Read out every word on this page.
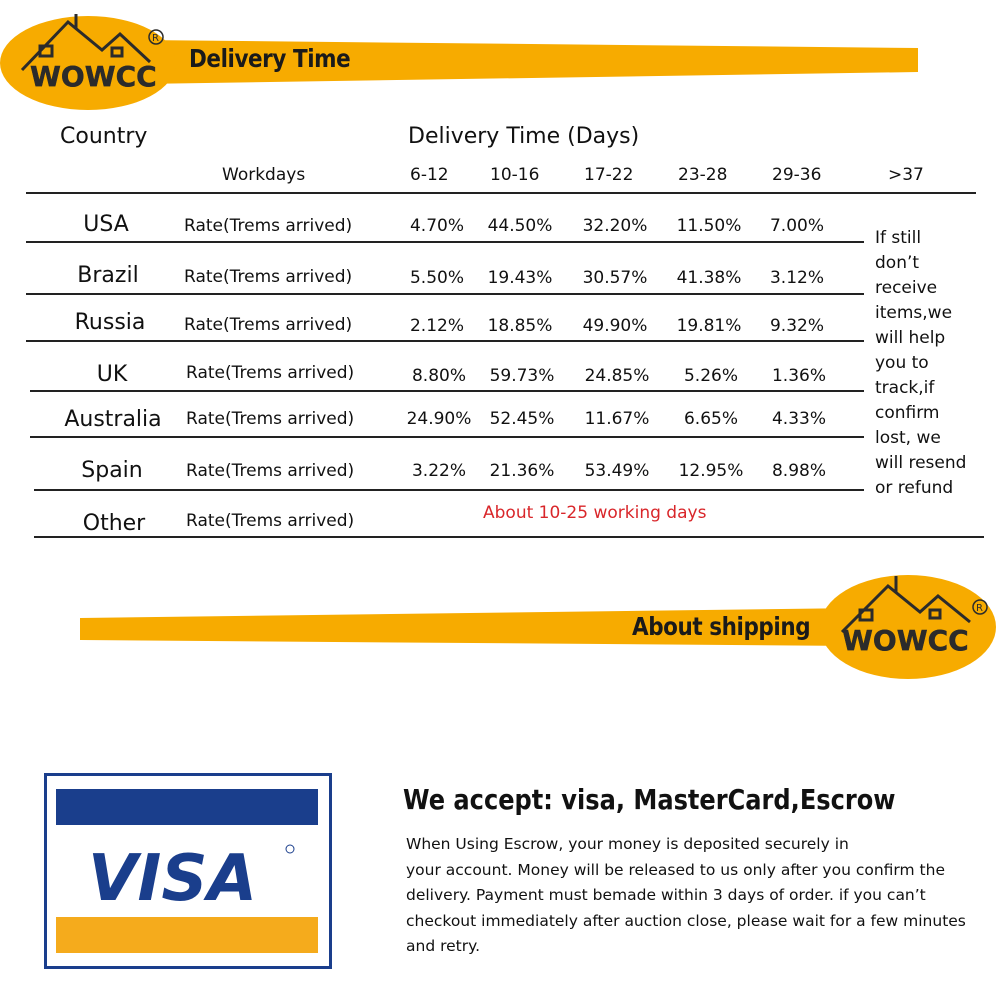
WOWCC
R
Delivery Time
Country	Delivery Time (Days)
Workdays	6-12 10-16	17-22	23-28	29-36	>37
USA	Rate(Trems arrived)	4.70%	44.50%	32.20%	11.50%	7.00%
Brazil	Rate(Trems arrived)	5.50%	19.43%	30.57%	41.38%	3.12%
Russia	Rate(Trems arrived)	2.12%	18.85%	49.90%	19.81%	9.32%
UK	Rate(Trems arrived)	8.80%	59.73%	24.85%	5.26%	1.36%
Australia	Rate(Trems arrived)	24.90%	52.45%	11.67%	6.65%	4.33%
Spain	Rate(Trems arrived)	3.22%	21.36%	53.49%	12.95%	8.98%
Other	Rate(Trems arrived)	About 10-25 working days
If still
don’t
receive
items,we
will help
you to
track,if
confirm
lost, we
will resend
or refund
WOWCC
R
About shipping
VISA
We accept: visa, MasterCard,Escrow
When Using Escrow, your money is deposited securely in
your account. Money will be released to us only after you confirm the
delivery. Payment must bemade within 3 days of order. if you can’t
checkout immediately after auction close, please wait for a few minutes
and retry.
